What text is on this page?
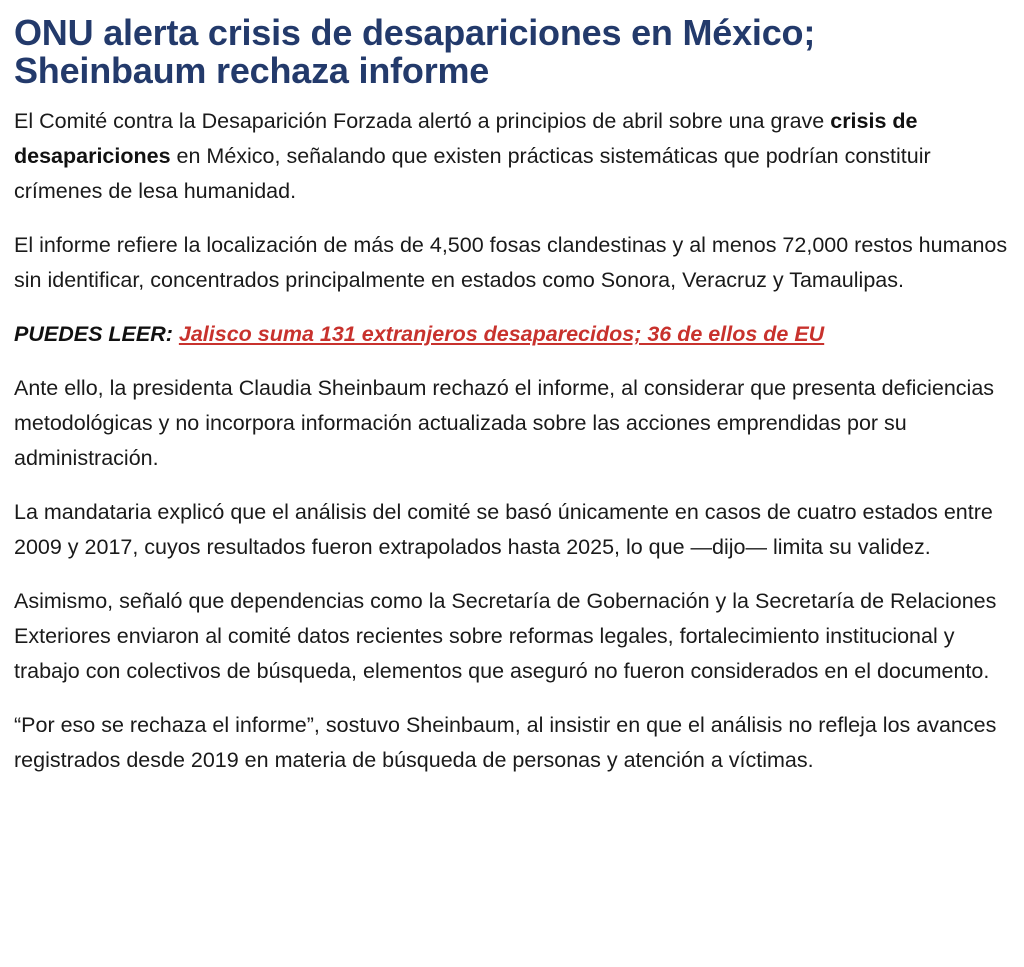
ONU alerta crisis de desapariciones en México; Sheinbaum rechaza informe

El Comité contra la Desaparición Forzada alertó a principios de abril sobre una grave crisis de desapariciones en México, señalando que existen prácticas sistemáticas que podrían constituir crímenes de lesa humanidad.

El informe refiere la localización de más de 4,500 fosas clandestinas y al menos 72,000 restos humanos sin identificar, concentrados principalmente en estados como Sonora, Veracruz y Tamaulipas.

PUEDES LEER: Jalisco suma 131 extranjeros desaparecidos; 36 de ellos de EU

Ante ello, la presidenta Claudia Sheinbaum rechazó el informe, al considerar que presenta deficiencias metodológicas y no incorpora información actualizada sobre las acciones emprendidas por su administración.

La mandataria explicó que el análisis del comité se basó únicamente en casos de cuatro estados entre 2009 y 2017, cuyos resultados fueron extrapolados hasta 2025, lo que —dijo— limita su validez.

Asimismo, señaló que dependencias como la Secretaría de Gobernación y la Secretaría de Relaciones Exteriores enviaron al comité datos recientes sobre reformas legales, fortalecimiento institucional y trabajo con colectivos de búsqueda, elementos que aseguró no fueron considerados en el documento.

“Por eso se rechaza el informe”, sostuvo Sheinbaum, al insistir en que el análisis no refleja los avances registrados desde 2019 en materia de búsqueda de personas y atención a víctimas.
